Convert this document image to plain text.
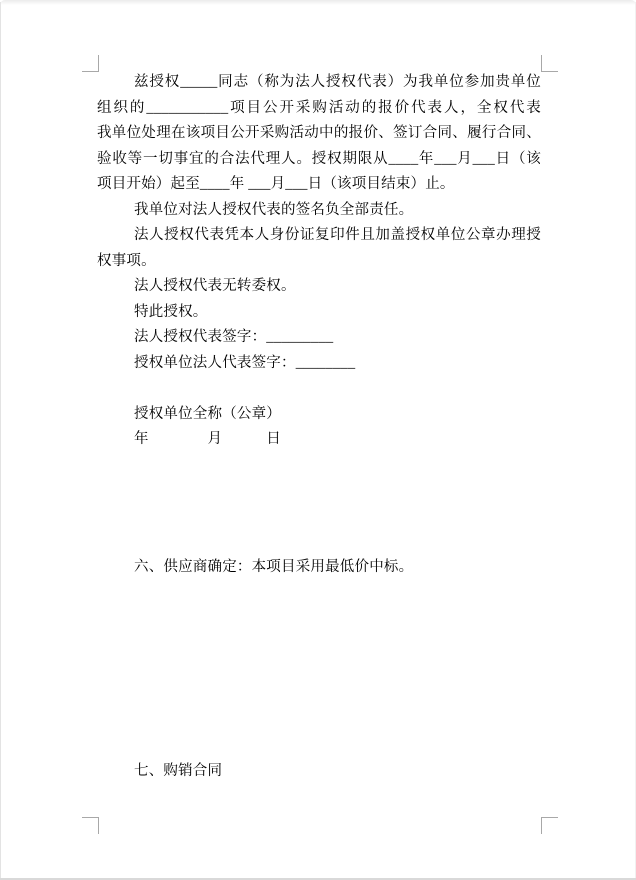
兹授权_____同志（称为法人授权代表）为我单位参加贵单位
组织的___________项目公开采购活动的报价代表人，全权代表
我单位处理在该项目公开采购活动中的报价、签订合同、履行合同、
验收等一切事宜的合法代理人。授权期限从____年___月___日（该
项目开始）起至____年 ___月___日（该项目结束）止。
我单位对法人授权代表的签名负全部责任。
法人授权代表凭本人身份证复印件且加盖授权单位公章办理授
权事项。
法人授权代表无转委权。
特此授权。
法人授权代表签字：_________
授权单位法人代表签字：________
授权单位全称（公章）
年　　　　月　　　日
六、供应商确定：本项目采用最低价中标。
七、购销合同
